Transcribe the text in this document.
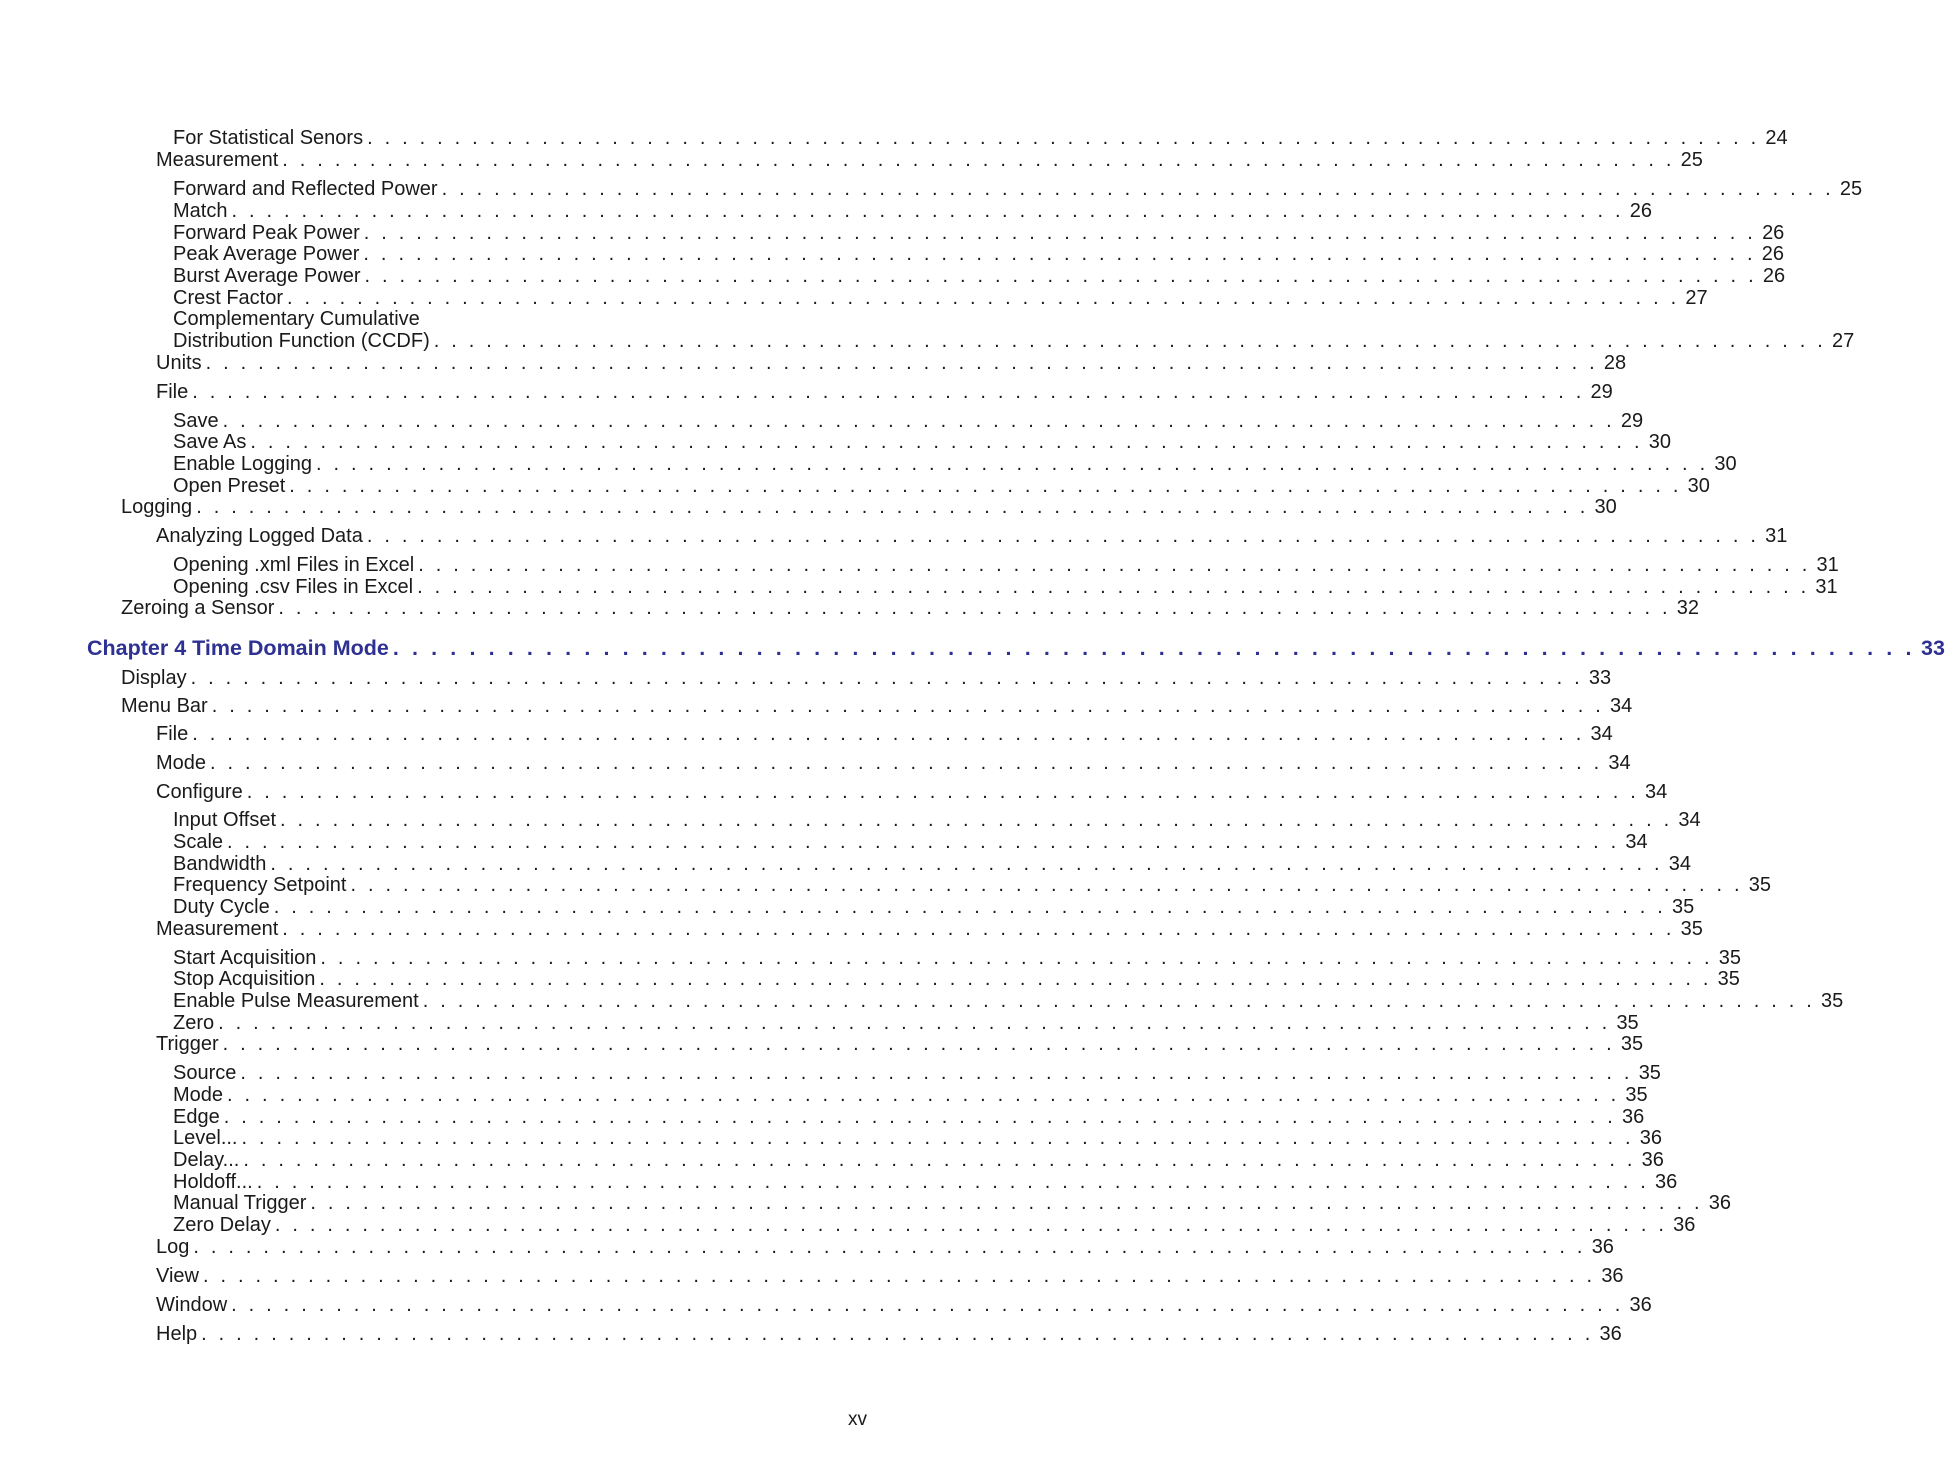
For Statistical Senors . . . . . . . . . . . . . . . . . . . . . . . . . . . . . . . . . . . . . . . . . . . . . . . . . . . . . . . . . . . . . . . . . . . . . . . . . . . . . . . . 24
Measurement . . . . . . . . . . . . . . . . . . . . . . . . . . . . . . . . . . . . . . . . . . . . . . . . . . . . . . . . . . . . . . . . . . . . . . . . . . . . . . . . 25
Forward and Reflected Power . . . . . . . . . . . . . . . . . . . . . . . . . . . . . . . . . . . . . . . . . . . . . . . . . . . . . . . . . . . . . . . . . . . . . . . . . . . . . . . . 25
Match . . . . . . . . . . . . . . . . . . . . . . . . . . . . . . . . . . . . . . . . . . . . . . . . . . . . . . . . . . . . . . . . . . . . . . . . . . . . . . . . 26
Forward Peak Power . . . . . . . . . . . . . . . . . . . . . . . . . . . . . . . . . . . . . . . . . . . . . . . . . . . . . . . . . . . . . . . . . . . . . . . . . . . . . . . . 26
Peak Average Power . . . . . . . . . . . . . . . . . . . . . . . . . . . . . . . . . . . . . . . . . . . . . . . . . . . . . . . . . . . . . . . . . . . . . . . . . . . . . . . . 26
Burst Average Power . . . . . . . . . . . . . . . . . . . . . . . . . . . . . . . . . . . . . . . . . . . . . . . . . . . . . . . . . . . . . . . . . . . . . . . . . . . . . . . . 26
Crest Factor . . . . . . . . . . . . . . . . . . . . . . . . . . . . . . . . . . . . . . . . . . . . . . . . . . . . . . . . . . . . . . . . . . . . . . . . . . . . . . . . 27
Complementary Cumulative
Distribution Function (CCDF) . . . . . . . . . . . . . . . . . . . . . . . . . . . . . . . . . . . . . . . . . . . . . . . . . . . . . . . . . . . . . . . . . . . . . . . . . . . . . . . . 27
Units . . . . . . . . . . . . . . . . . . . . . . . . . . . . . . . . . . . . . . . . . . . . . . . . . . . . . . . . . . . . . . . . . . . . . . . . . . . . . . . . 28
File . . . . . . . . . . . . . . . . . . . . . . . . . . . . . . . . . . . . . . . . . . . . . . . . . . . . . . . . . . . . . . . . . . . . . . . . . . . . . . . . 29
Save . . . . . . . . . . . . . . . . . . . . . . . . . . . . . . . . . . . . . . . . . . . . . . . . . . . . . . . . . . . . . . . . . . . . . . . . . . . . . . . . 29
Save As . . . . . . . . . . . . . . . . . . . . . . . . . . . . . . . . . . . . . . . . . . . . . . . . . . . . . . . . . . . . . . . . . . . . . . . . . . . . . . . . 30
Enable Logging . . . . . . . . . . . . . . . . . . . . . . . . . . . . . . . . . . . . . . . . . . . . . . . . . . . . . . . . . . . . . . . . . . . . . . . . . . . . . . . . 30
Open Preset . . . . . . . . . . . . . . . . . . . . . . . . . . . . . . . . . . . . . . . . . . . . . . . . . . . . . . . . . . . . . . . . . . . . . . . . . . . . . . . . 30
Logging . . . . . . . . . . . . . . . . . . . . . . . . . . . . . . . . . . . . . . . . . . . . . . . . . . . . . . . . . . . . . . . . . . . . . . . . . . . . . . . . 30
Analyzing Logged Data . . . . . . . . . . . . . . . . . . . . . . . . . . . . . . . . . . . . . . . . . . . . . . . . . . . . . . . . . . . . . . . . . . . . . . . . . . . . . . . . 31
Opening .xml Files in Excel . . . . . . . . . . . . . . . . . . . . . . . . . . . . . . . . . . . . . . . . . . . . . . . . . . . . . . . . . . . . . . . . . . . . . . . . . . . . . . . . 31
Opening .csv Files in Excel . . . . . . . . . . . . . . . . . . . . . . . . . . . . . . . . . . . . . . . . . . . . . . . . . . . . . . . . . . . . . . . . . . . . . . . . . . . . . . . . 31
Zeroing a Sensor . . . . . . . . . . . . . . . . . . . . . . . . . . . . . . . . . . . . . . . . . . . . . . . . . . . . . . . . . . . . . . . . . . . . . . . . . . . . . . . . 32
Chapter 4 Time Domain Mode . . . . . . . . . . . . . . . . . . . . . . . . . . . . . . . . . . . . . . . . . . . . . . . . . . . . . . . . . . . . . . . . . . . . . . . . . . . . . . . . 33
Display . . . . . . . . . . . . . . . . . . . . . . . . . . . . . . . . . . . . . . . . . . . . . . . . . . . . . . . . . . . . . . . . . . . . . . . . . . . . . . . . 33
Menu Bar . . . . . . . . . . . . . . . . . . . . . . . . . . . . . . . . . . . . . . . . . . . . . . . . . . . . . . . . . . . . . . . . . . . . . . . . . . . . . . . . 34
File . . . . . . . . . . . . . . . . . . . . . . . . . . . . . . . . . . . . . . . . . . . . . . . . . . . . . . . . . . . . . . . . . . . . . . . . . . . . . . . . 34
Mode . . . . . . . . . . . . . . . . . . . . . . . . . . . . . . . . . . . . . . . . . . . . . . . . . . . . . . . . . . . . . . . . . . . . . . . . . . . . . . . . 34
Configure . . . . . . . . . . . . . . . . . . . . . . . . . . . . . . . . . . . . . . . . . . . . . . . . . . . . . . . . . . . . . . . . . . . . . . . . . . . . . . . . 34
Input Offset . . . . . . . . . . . . . . . . . . . . . . . . . . . . . . . . . . . . . . . . . . . . . . . . . . . . . . . . . . . . . . . . . . . . . . . . . . . . . . . . 34
Scale . . . . . . . . . . . . . . . . . . . . . . . . . . . . . . . . . . . . . . . . . . . . . . . . . . . . . . . . . . . . . . . . . . . . . . . . . . . . . . . . 34
Bandwidth . . . . . . . . . . . . . . . . . . . . . . . . . . . . . . . . . . . . . . . . . . . . . . . . . . . . . . . . . . . . . . . . . . . . . . . . . . . . . . . . 34
Frequency Setpoint . . . . . . . . . . . . . . . . . . . . . . . . . . . . . . . . . . . . . . . . . . . . . . . . . . . . . . . . . . . . . . . . . . . . . . . . . . . . . . . . 35
Duty Cycle . . . . . . . . . . . . . . . . . . . . . . . . . . . . . . . . . . . . . . . . . . . . . . . . . . . . . . . . . . . . . . . . . . . . . . . . . . . . . . . . 35
Measurement . . . . . . . . . . . . . . . . . . . . . . . . . . . . . . . . . . . . . . . . . . . . . . . . . . . . . . . . . . . . . . . . . . . . . . . . . . . . . . . . 35
Start Acquisition . . . . . . . . . . . . . . . . . . . . . . . . . . . . . . . . . . . . . . . . . . . . . . . . . . . . . . . . . . . . . . . . . . . . . . . . . . . . . . . . 35
Stop Acquisition . . . . . . . . . . . . . . . . . . . . . . . . . . . . . . . . . . . . . . . . . . . . . . . . . . . . . . . . . . . . . . . . . . . . . . . . . . . . . . . . 35
Enable Pulse Measurement . . . . . . . . . . . . . . . . . . . . . . . . . . . . . . . . . . . . . . . . . . . . . . . . . . . . . . . . . . . . . . . . . . . . . . . . . . . . . . . . 35
Zero . . . . . . . . . . . . . . . . . . . . . . . . . . . . . . . . . . . . . . . . . . . . . . . . . . . . . . . . . . . . . . . . . . . . . . . . . . . . . . . . 35
Trigger . . . . . . . . . . . . . . . . . . . . . . . . . . . . . . . . . . . . . . . . . . . . . . . . . . . . . . . . . . . . . . . . . . . . . . . . . . . . . . . . 35
Source . . . . . . . . . . . . . . . . . . . . . . . . . . . . . . . . . . . . . . . . . . . . . . . . . . . . . . . . . . . . . . . . . . . . . . . . . . . . . . . . 35
Mode . . . . . . . . . . . . . . . . . . . . . . . . . . . . . . . . . . . . . . . . . . . . . . . . . . . . . . . . . . . . . . . . . . . . . . . . . . . . . . . . 35
Edge . . . . . . . . . . . . . . . . . . . . . . . . . . . . . . . . . . . . . . . . . . . . . . . . . . . . . . . . . . . . . . . . . . . . . . . . . . . . . . . . 36
Level... . . . . . . . . . . . . . . . . . . . . . . . . . . . . . . . . . . . . . . . . . . . . . . . . . . . . . . . . . . . . . . . . . . . . . . . . . . . . . . . . 36
Delay... . . . . . . . . . . . . . . . . . . . . . . . . . . . . . . . . . . . . . . . . . . . . . . . . . . . . . . . . . . . . . . . . . . . . . . . . . . . . . . . . 36
Holdoff... . . . . . . . . . . . . . . . . . . . . . . . . . . . . . . . . . . . . . . . . . . . . . . . . . . . . . . . . . . . . . . . . . . . . . . . . . . . . . . . . 36
Manual Trigger . . . . . . . . . . . . . . . . . . . . . . . . . . . . . . . . . . . . . . . . . . . . . . . . . . . . . . . . . . . . . . . . . . . . . . . . . . . . . . . . 36
Zero Delay . . . . . . . . . . . . . . . . . . . . . . . . . . . . . . . . . . . . . . . . . . . . . . . . . . . . . . . . . . . . . . . . . . . . . . . . . . . . . . . . 36
Log . . . . . . . . . . . . . . . . . . . . . . . . . . . . . . . . . . . . . . . . . . . . . . . . . . . . . . . . . . . . . . . . . . . . . . . . . . . . . . . . 36
View . . . . . . . . . . . . . . . . . . . . . . . . . . . . . . . . . . . . . . . . . . . . . . . . . . . . . . . . . . . . . . . . . . . . . . . . . . . . . . . . 36
Window . . . . . . . . . . . . . . . . . . . . . . . . . . . . . . . . . . . . . . . . . . . . . . . . . . . . . . . . . . . . . . . . . . . . . . . . . . . . . . . . 36
Help . . . . . . . . . . . . . . . . . . . . . . . . . . . . . . . . . . . . . . . . . . . . . . . . . . . . . . . . . . . . . . . . . . . . . . . . . . . . . . . . 36
xv
